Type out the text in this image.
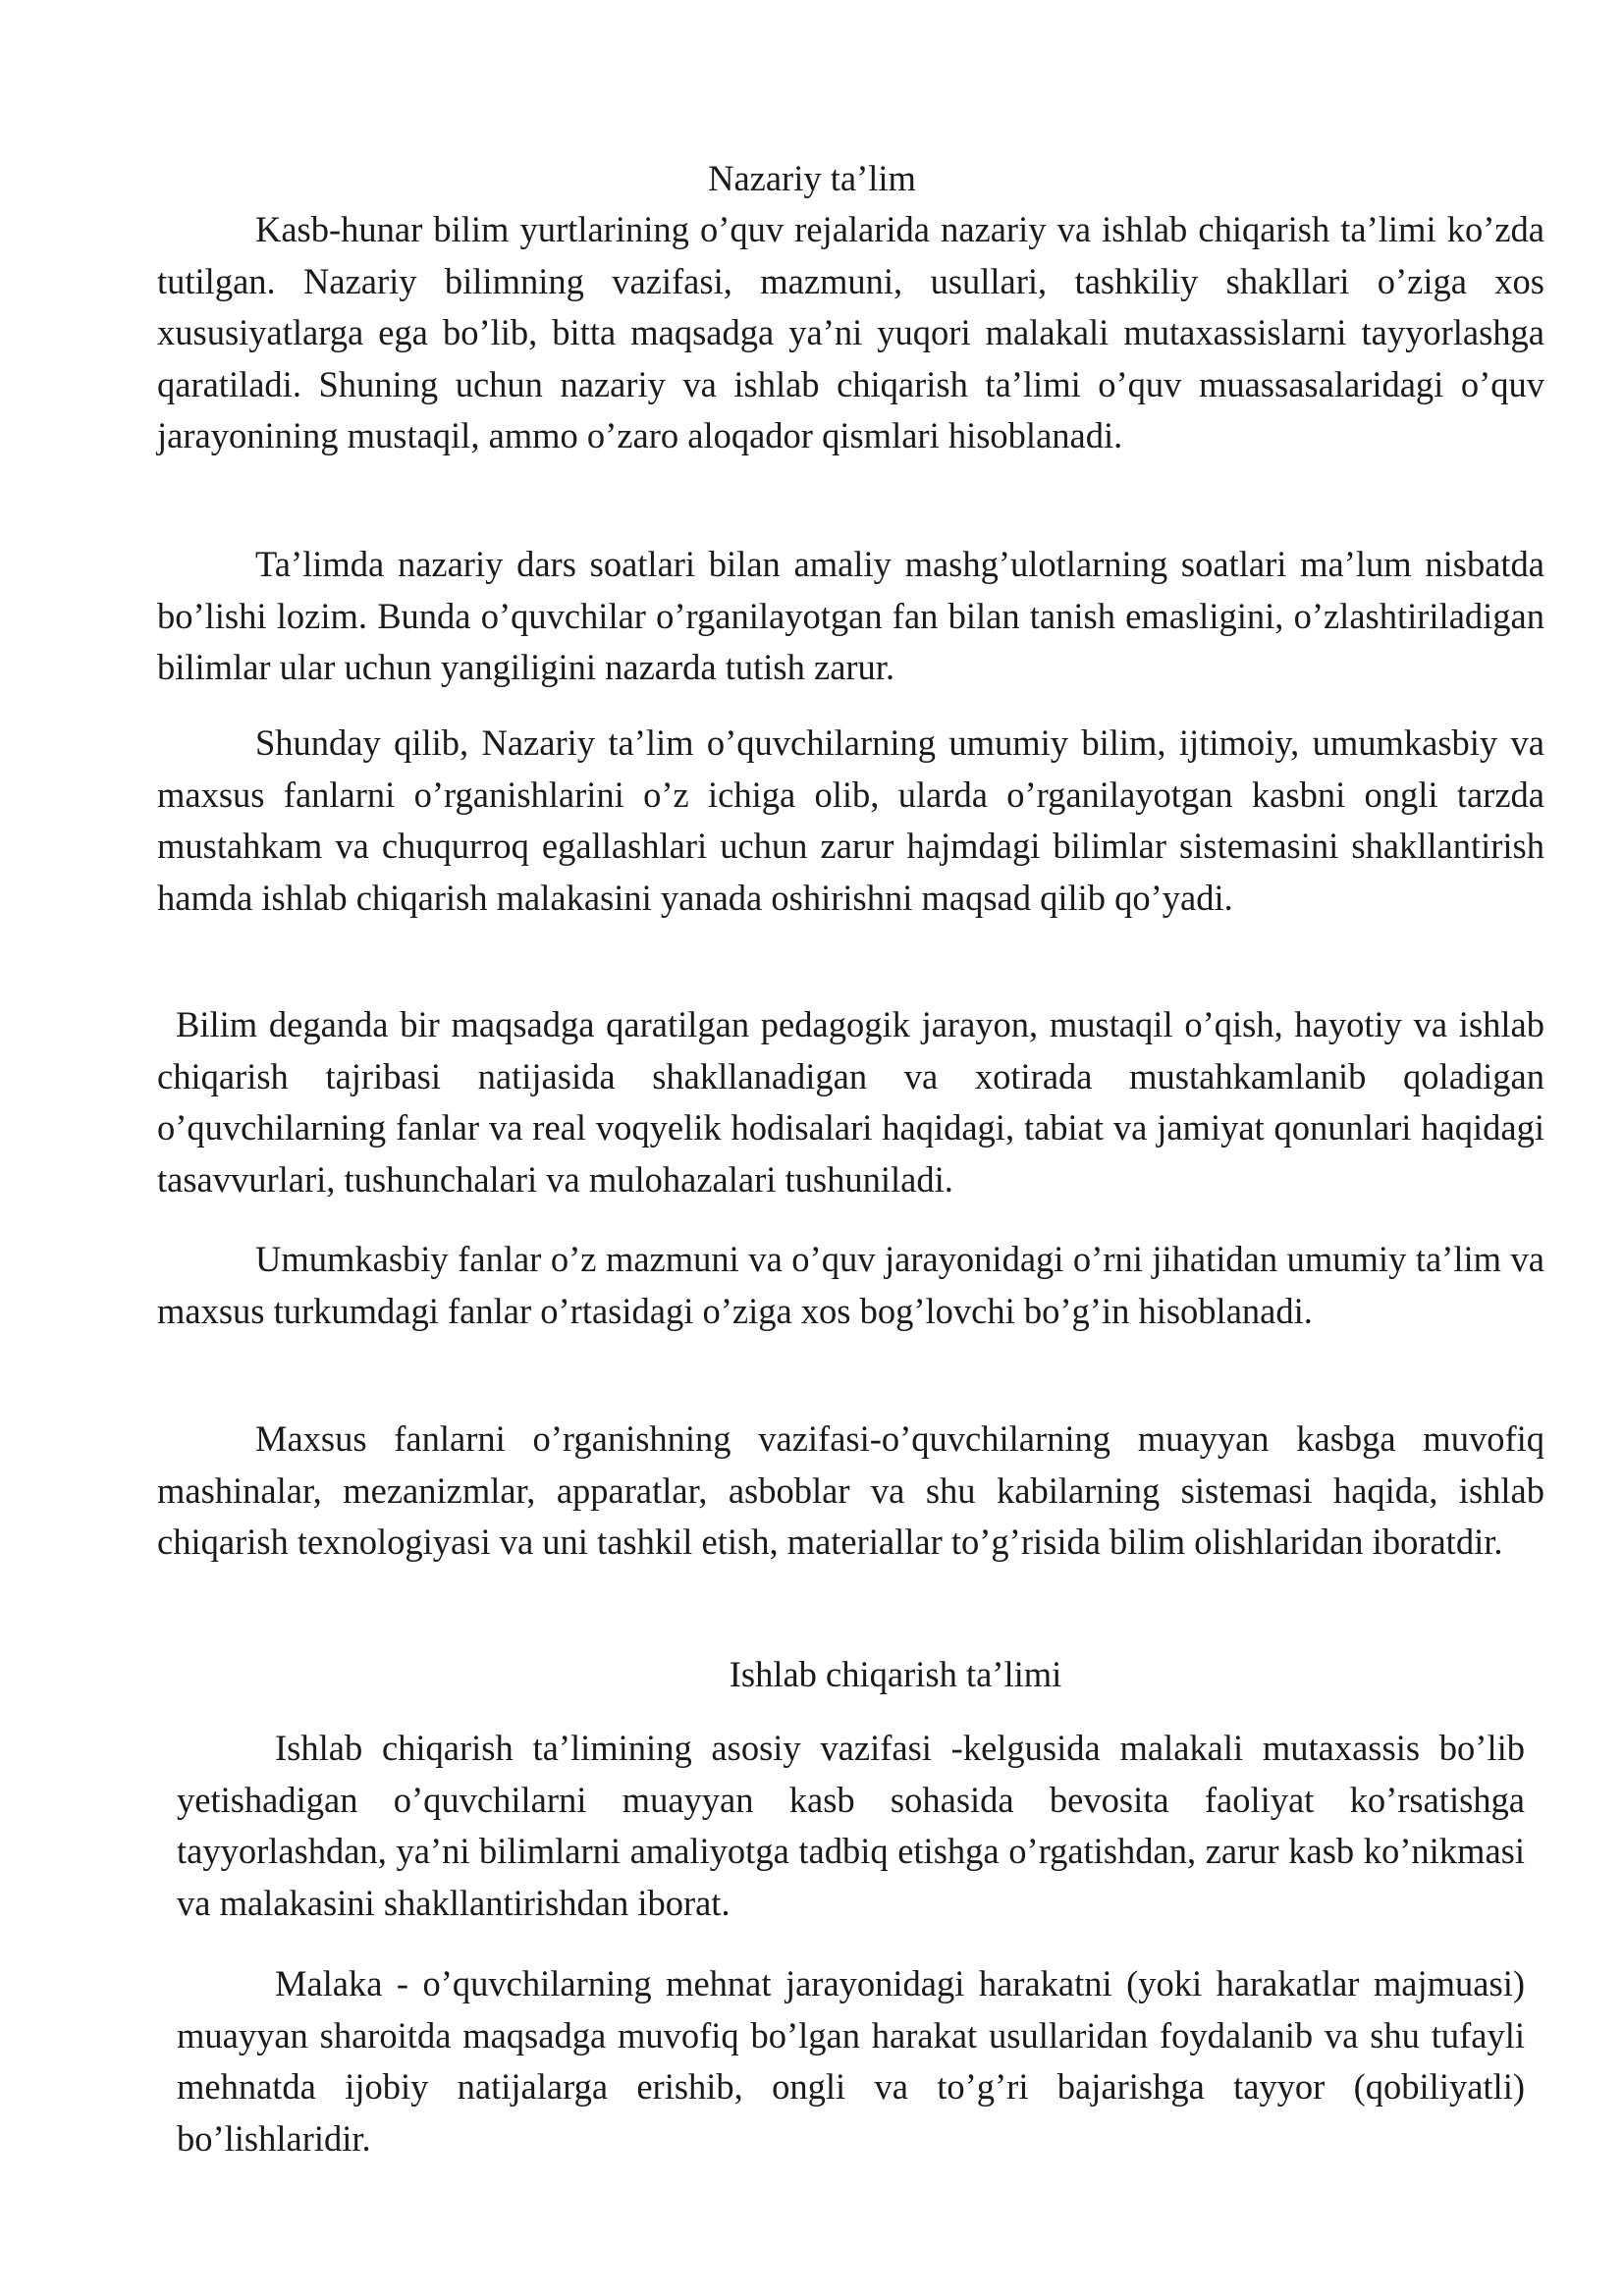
Nazariy ta’lim

Kasb-hunar bilim yurtlarining o’quv rejalarida nazariy va ishlab chiqarish ta’limi ko’zda tutilgan. Nazariy bilimning vazifasi, mazmuni, usullari, tashkiliy shakllari o’ziga xos xususiyatlarga ega bo’lib, bitta maqsadga ya’ni yuqori malakali mutaxassislarni tayyorlashga qaratiladi. Shuning uchun nazariy va ishlab chiqarish ta’limi o’quv muassasalaridagi o’quv jarayonining mustaqil, ammo o’zaro aloqador qismlari hisoblanadi.

Ta’limda nazariy dars soatlari bilan amaliy mashg’ulotlarning soatlari ma’lum nisbatda bo’lishi lozim. Bunda o’quvchilar o’rganilayotgan fan bilan tanish emasligini, o’zlashtiriladigan bilimlar ular uchun yangiligini nazarda tutish zarur.

Shunday qilib, Nazariy ta’lim o’quvchilarning umumiy bilim, ijtimoiy, umumkasbiy va maxsus fanlarni o’rganishlarini o’z ichiga olib, ularda o’rganilayotgan kasbni ongli tarzda mustahkam va chuqurroq egallashlari uchun zarur hajmdagi bilimlar sistemasini shakllantirish hamda ishlab chiqarish malakasini yanada oshirishni maqsad qilib qo’yadi.

Bilim deganda bir maqsadga qaratilgan pedagogik jarayon, mustaqil o’qish, hayotiy va ishlab chiqarish tajribasi natijasida shakllanadigan va xotirada mustahkamlanib qoladigan o’quvchilarning fanlar va real voqyelik hodisalari haqidagi, tabiat va jamiyat qonunlari haqidagi tasavvurlari, tushunchalari va mulohazalari tushuniladi.

Umumkasbiy fanlar o’z mazmuni va o’quv jarayonidagi o’rni jihatidan umumiy ta’lim va maxsus turkumdagi fanlar o’rtasidagi o’ziga xos bog’lovchi bo’g’in hisoblanadi.

Maxsus fanlarni o’rganishning vazifasi-o’quvchilarning muayyan kasbga muvofiq mashinalar, mezanizmlar, apparatlar, asboblar va shu kabilarning sistemasi haqida, ishlab chiqarish texnologiyasi va uni tashkil etish, materiallar to’g’risida bilim olishlaridan iboratdir.

Ishlab chiqarish ta’limi

Ishlab chiqarish ta’limining asosiy vazifasi -kelgusida malakali mutaxassis bo’lib yetishadigan o’quvchilarni muayyan kasb sohasida bevosita faoliyat ko’rsatishga tayyorlashdan, ya’ni bilimlarni amaliyotga tadbiq etishga o’rgatishdan, zarur kasb ko’nikmasi va malakasini shakllantirishdan iborat.

Malaka - o’quvchilarning mehnat jarayonidagi harakatni (yoki harakatlar majmuasi) muayyan sharoitda maqsadga muvofiq bo’lgan harakat usullaridan foydalanib va shu tufayli mehnatda ijobiy natijalarga erishib, ongli va to’g’ri bajarishga tayyor (qobiliyatli) bo’lishlaridir.
